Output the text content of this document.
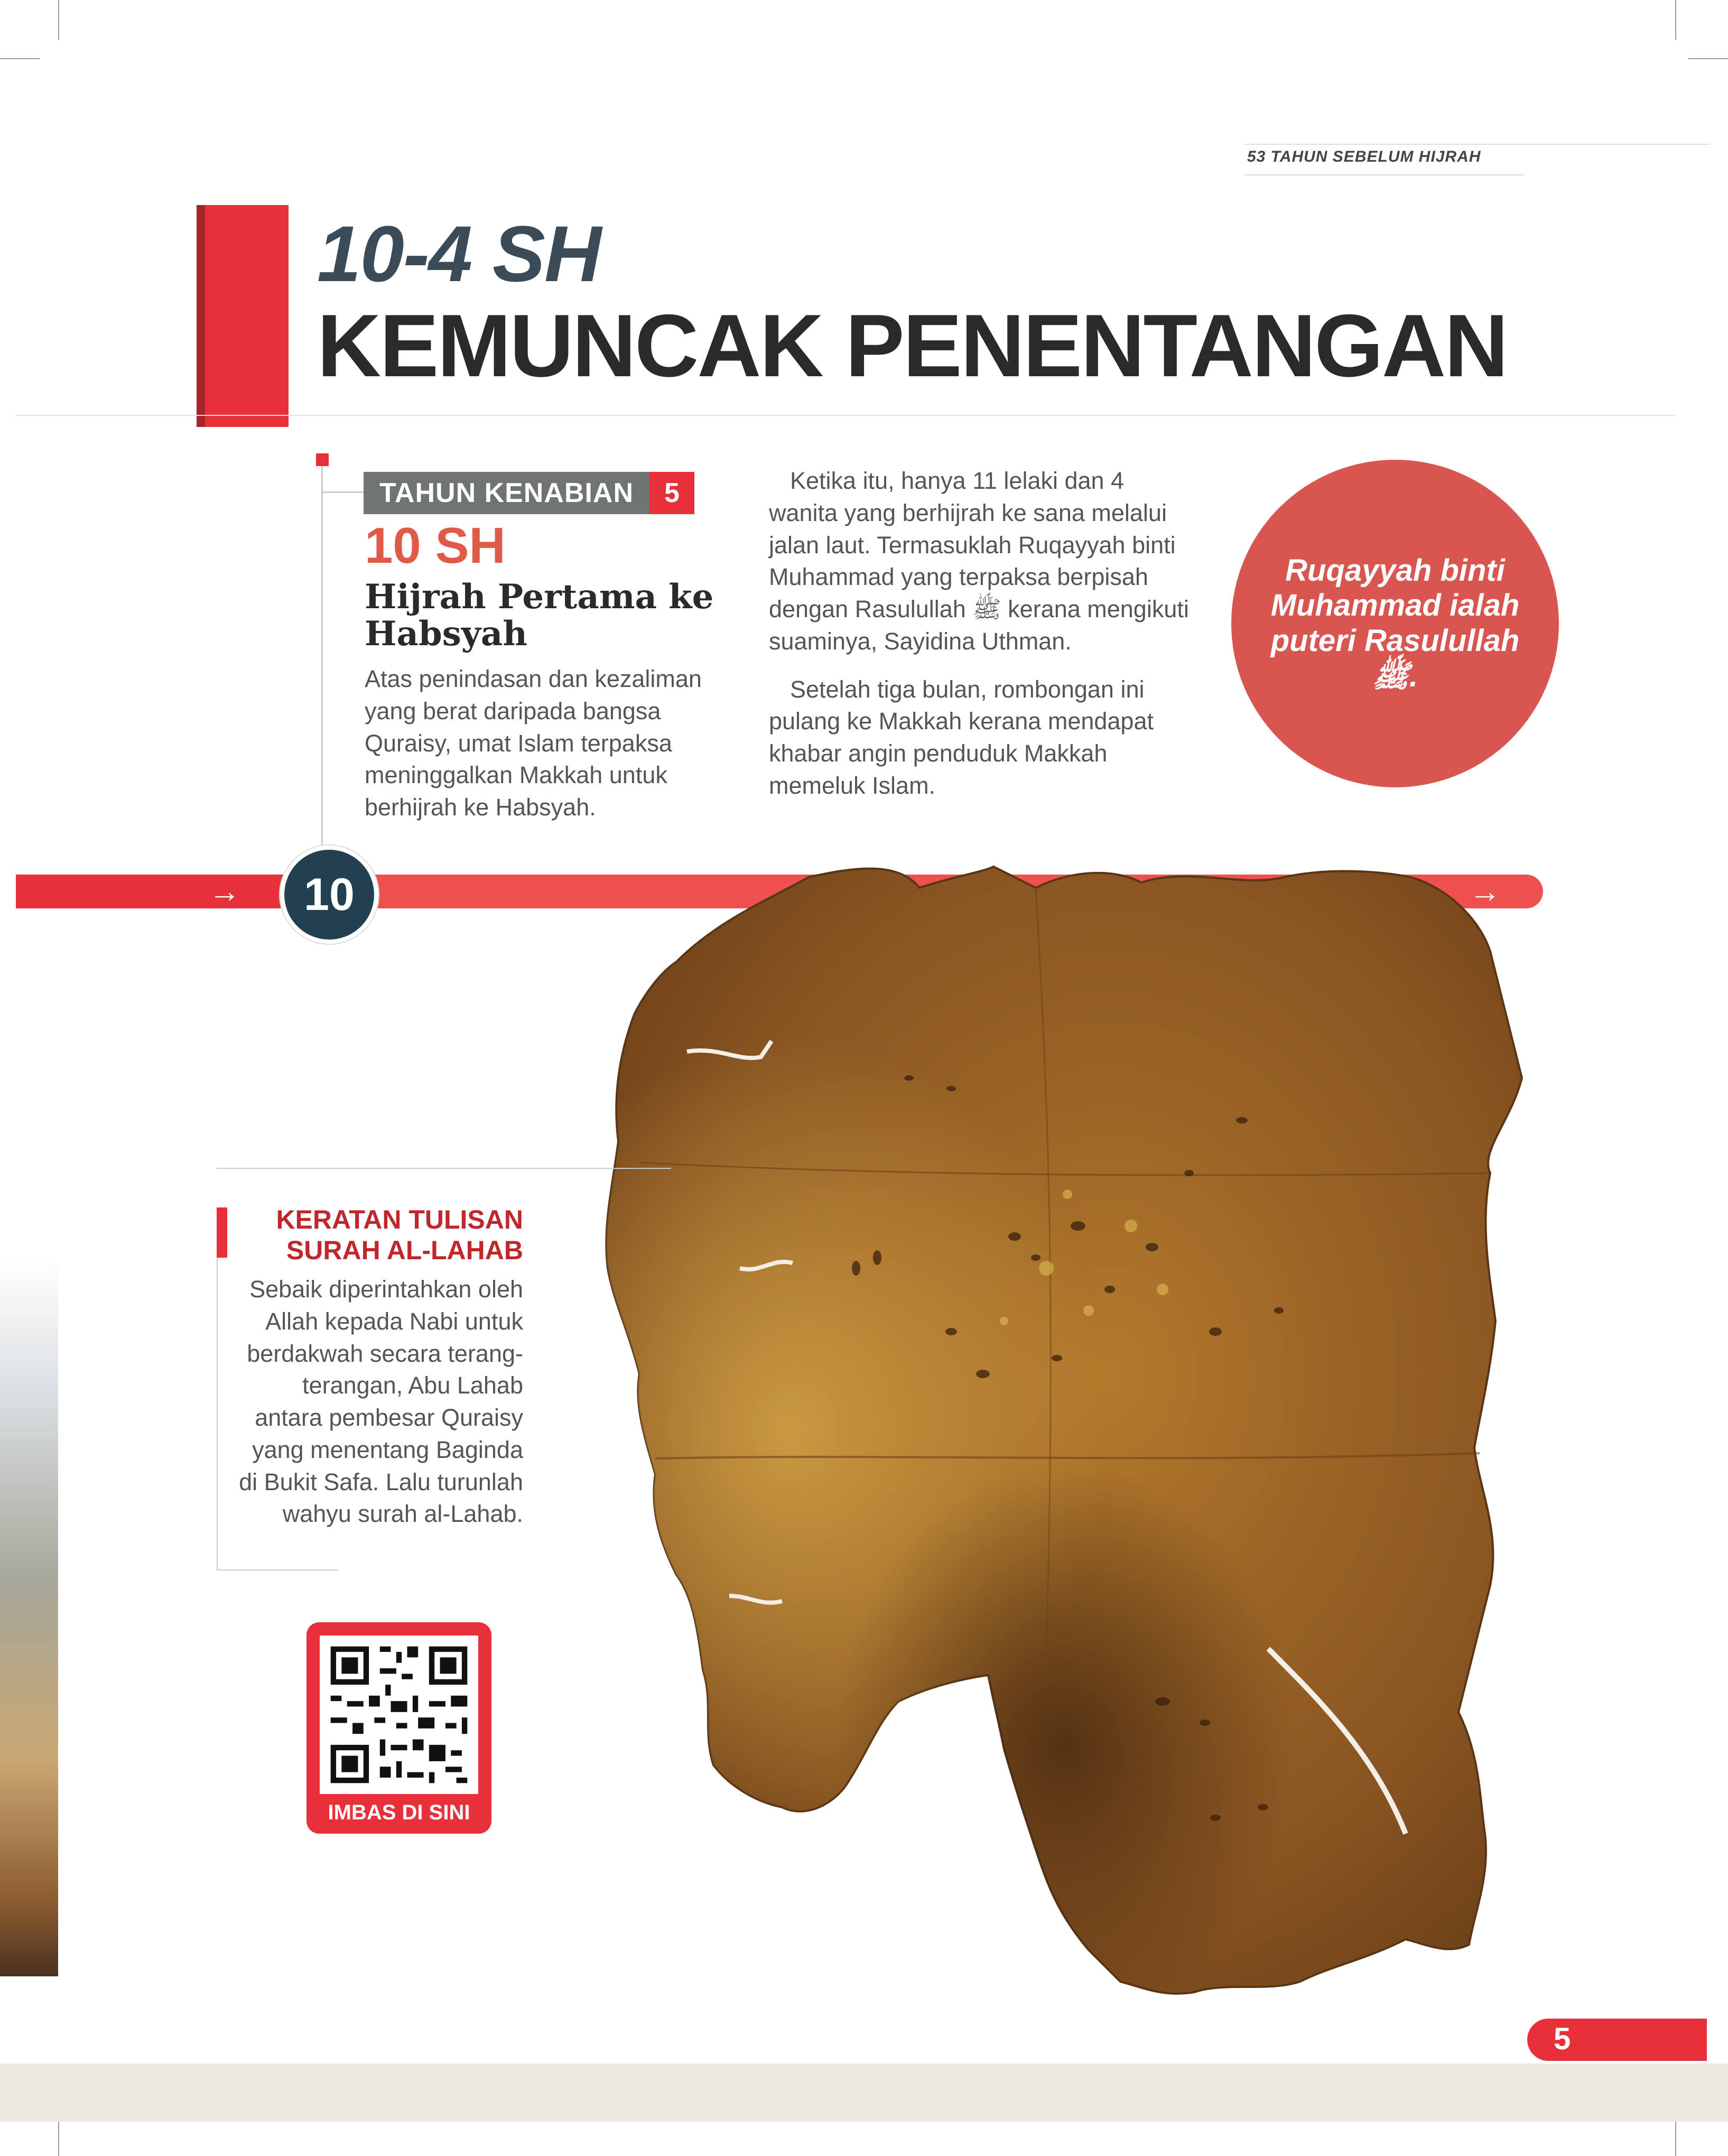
53 TAHUN SEBELUM HIJRAH
10-4 SH
KEMUNCAK PENENTANGAN
TAHUN KENABIAN	5
10 SH
Hijrah Pertama ke Habsyah

Atas penindasan dan kezaliman yang berat daripada bangsa Quraisy, umat Islam terpaksa meninggalkan Makkah untuk berhijrah ke Habsyah.

Ketika itu, hanya 11 lelaki dan 4 wanita yang berhijrah ke sana melalui jalan laut. Termasuklah Ruqayyah binti Muhammad yang terpaksa berpisah dengan Rasulullah ﷺ kerana mengikuti suaminya, Sayidina Uthman.

Setelah tiga bulan, rombongan ini pulang ke Makkah kerana mendapat khabar angin penduduk Makkah memeluk Islam.

Ruqayyah binti Muhammad ialah puteri Rasulullah ﷺ.
→	→
10
KERATAN TULISAN SURAH AL-LAHAB
Sebaik diperintahkan oleh Allah kepada Nabi untuk berdakwah secara terang-terangan, Abu Lahab antara pembesar Quraisy yang menentang Baginda di Bukit Safa. Lalu turunlah wahyu surah al-Lahab.
IMBAS DI SINI
5
